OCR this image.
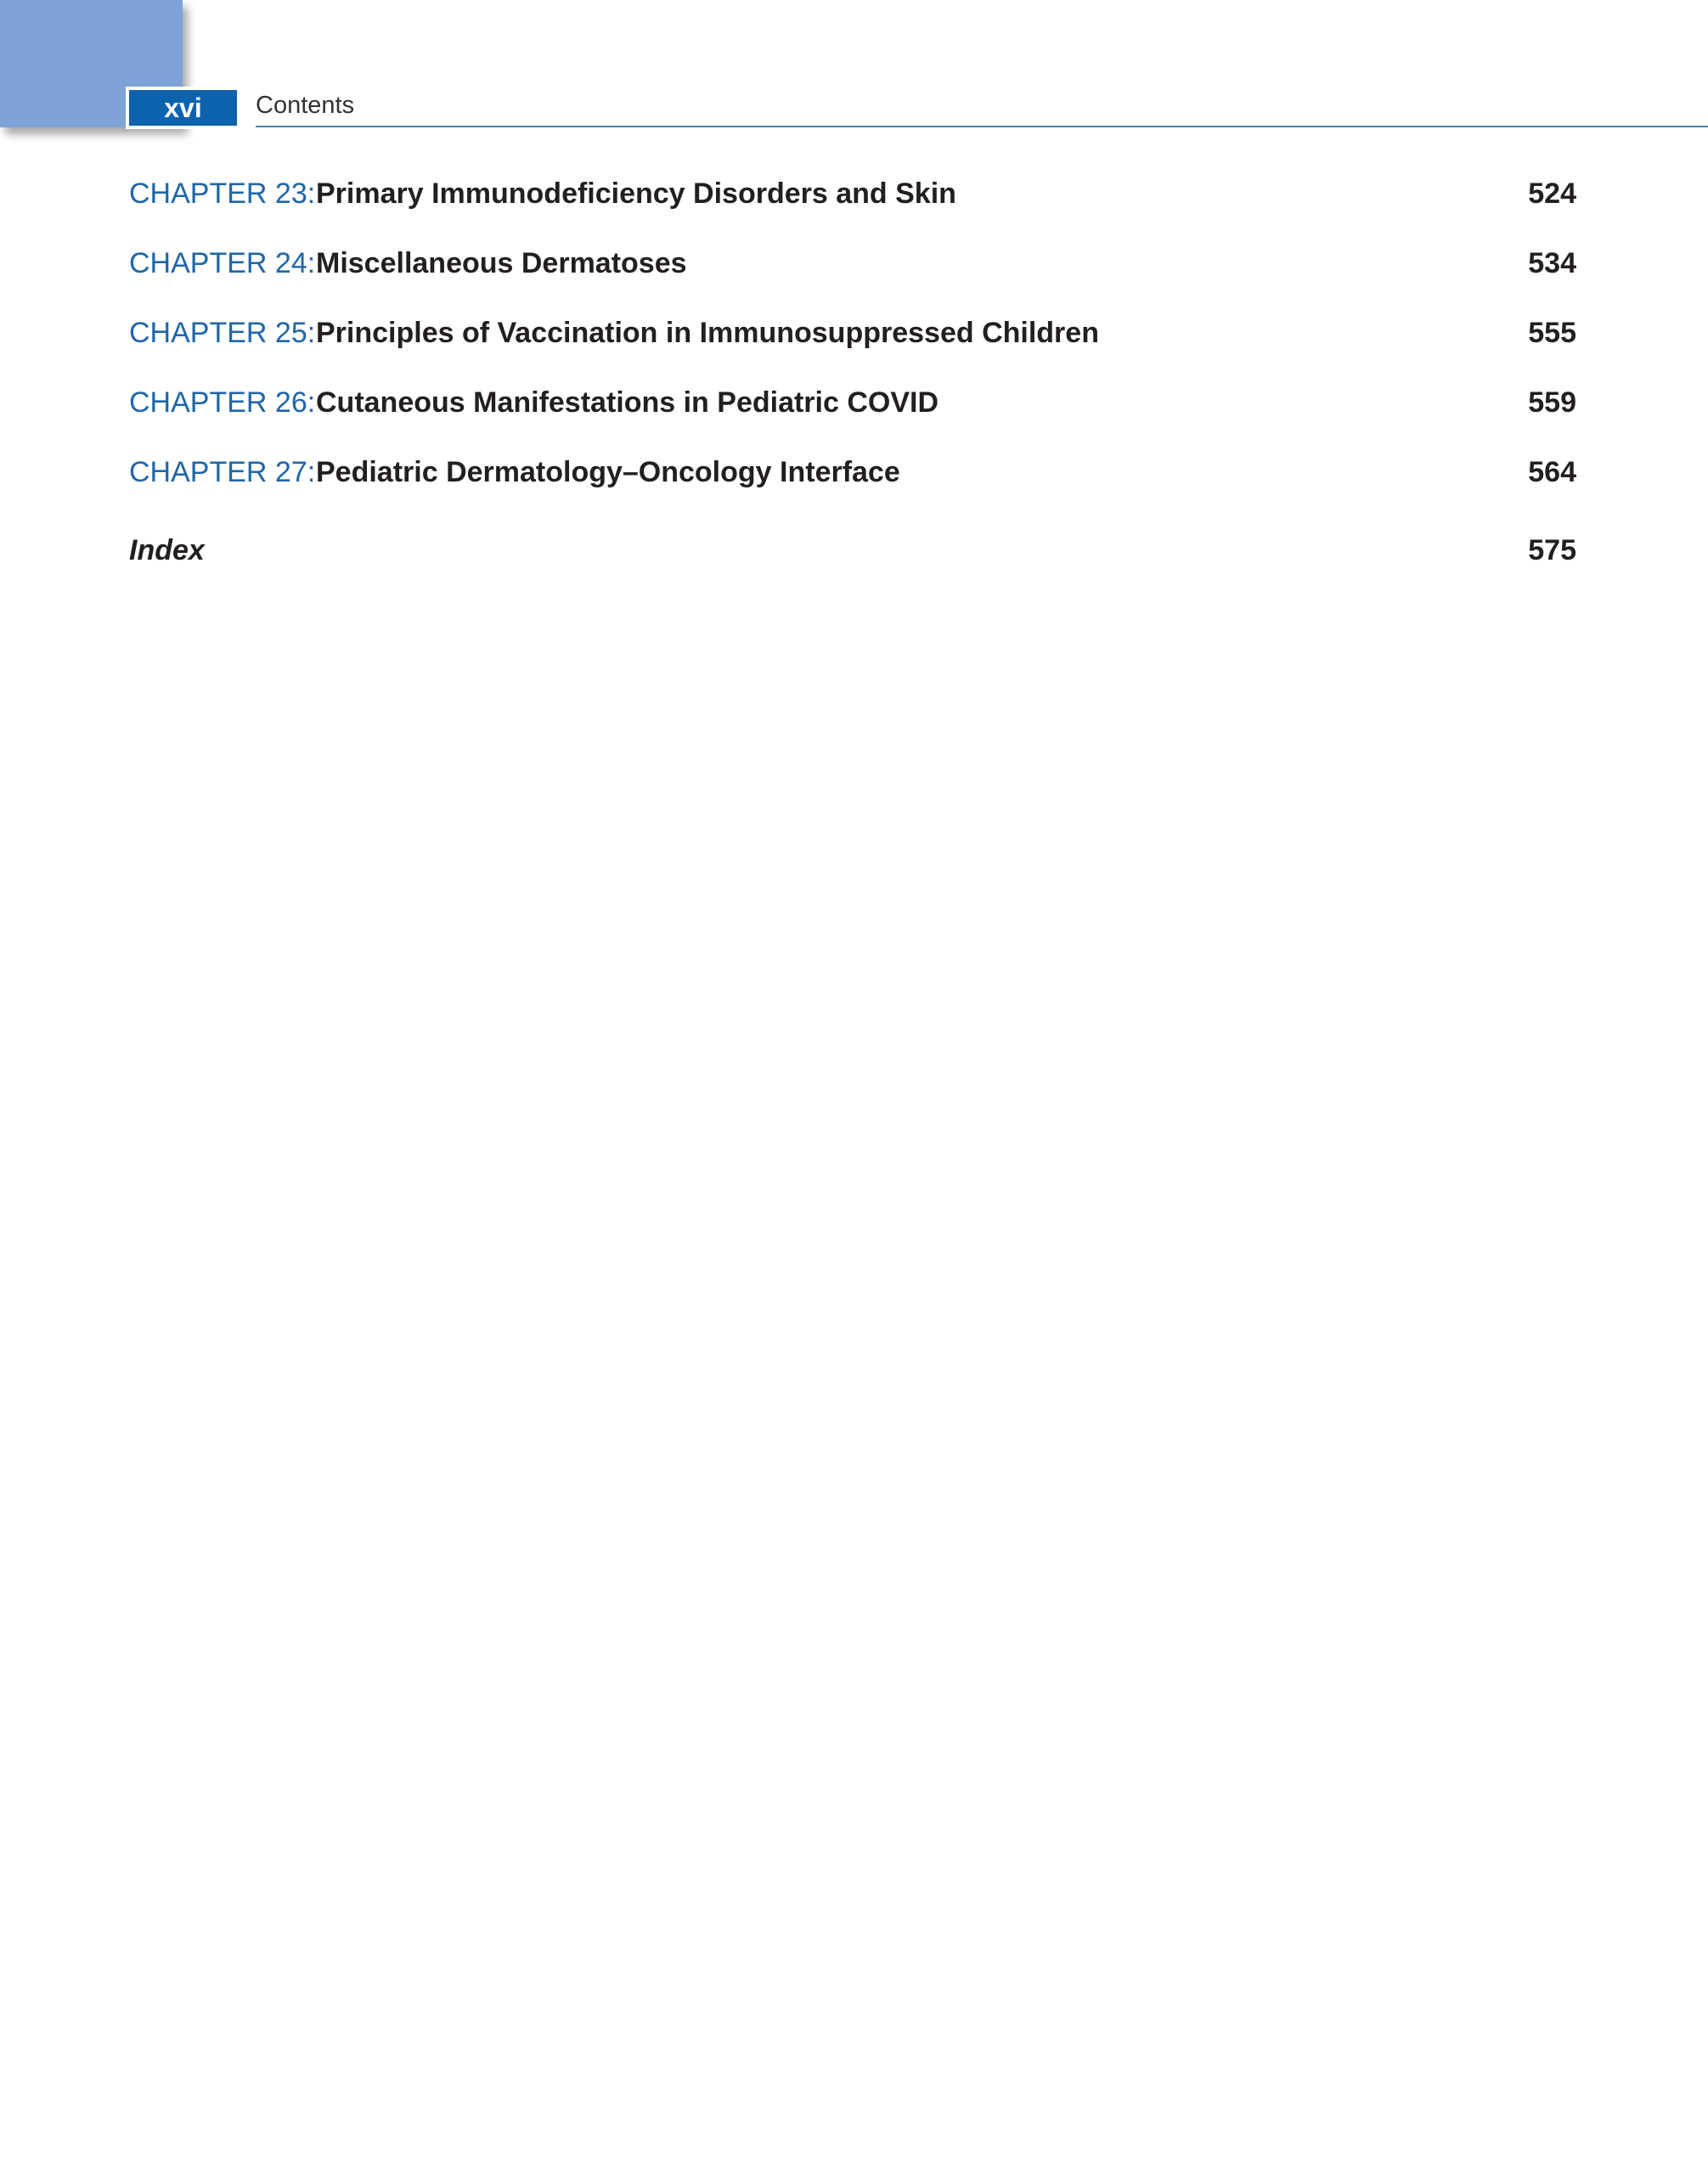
xvi	Contents
CHAPTER 23: Primary Immunodeficiency Disorders and Skin	524
CHAPTER 24: Miscellaneous Dermatoses	534
CHAPTER 25: Principles of Vaccination in Immunosuppressed Children	555
CHAPTER 26: Cutaneous Manifestations in Pediatric COVID	559
CHAPTER 27: Pediatric Dermatology–Oncology Interface	564
Index	575
